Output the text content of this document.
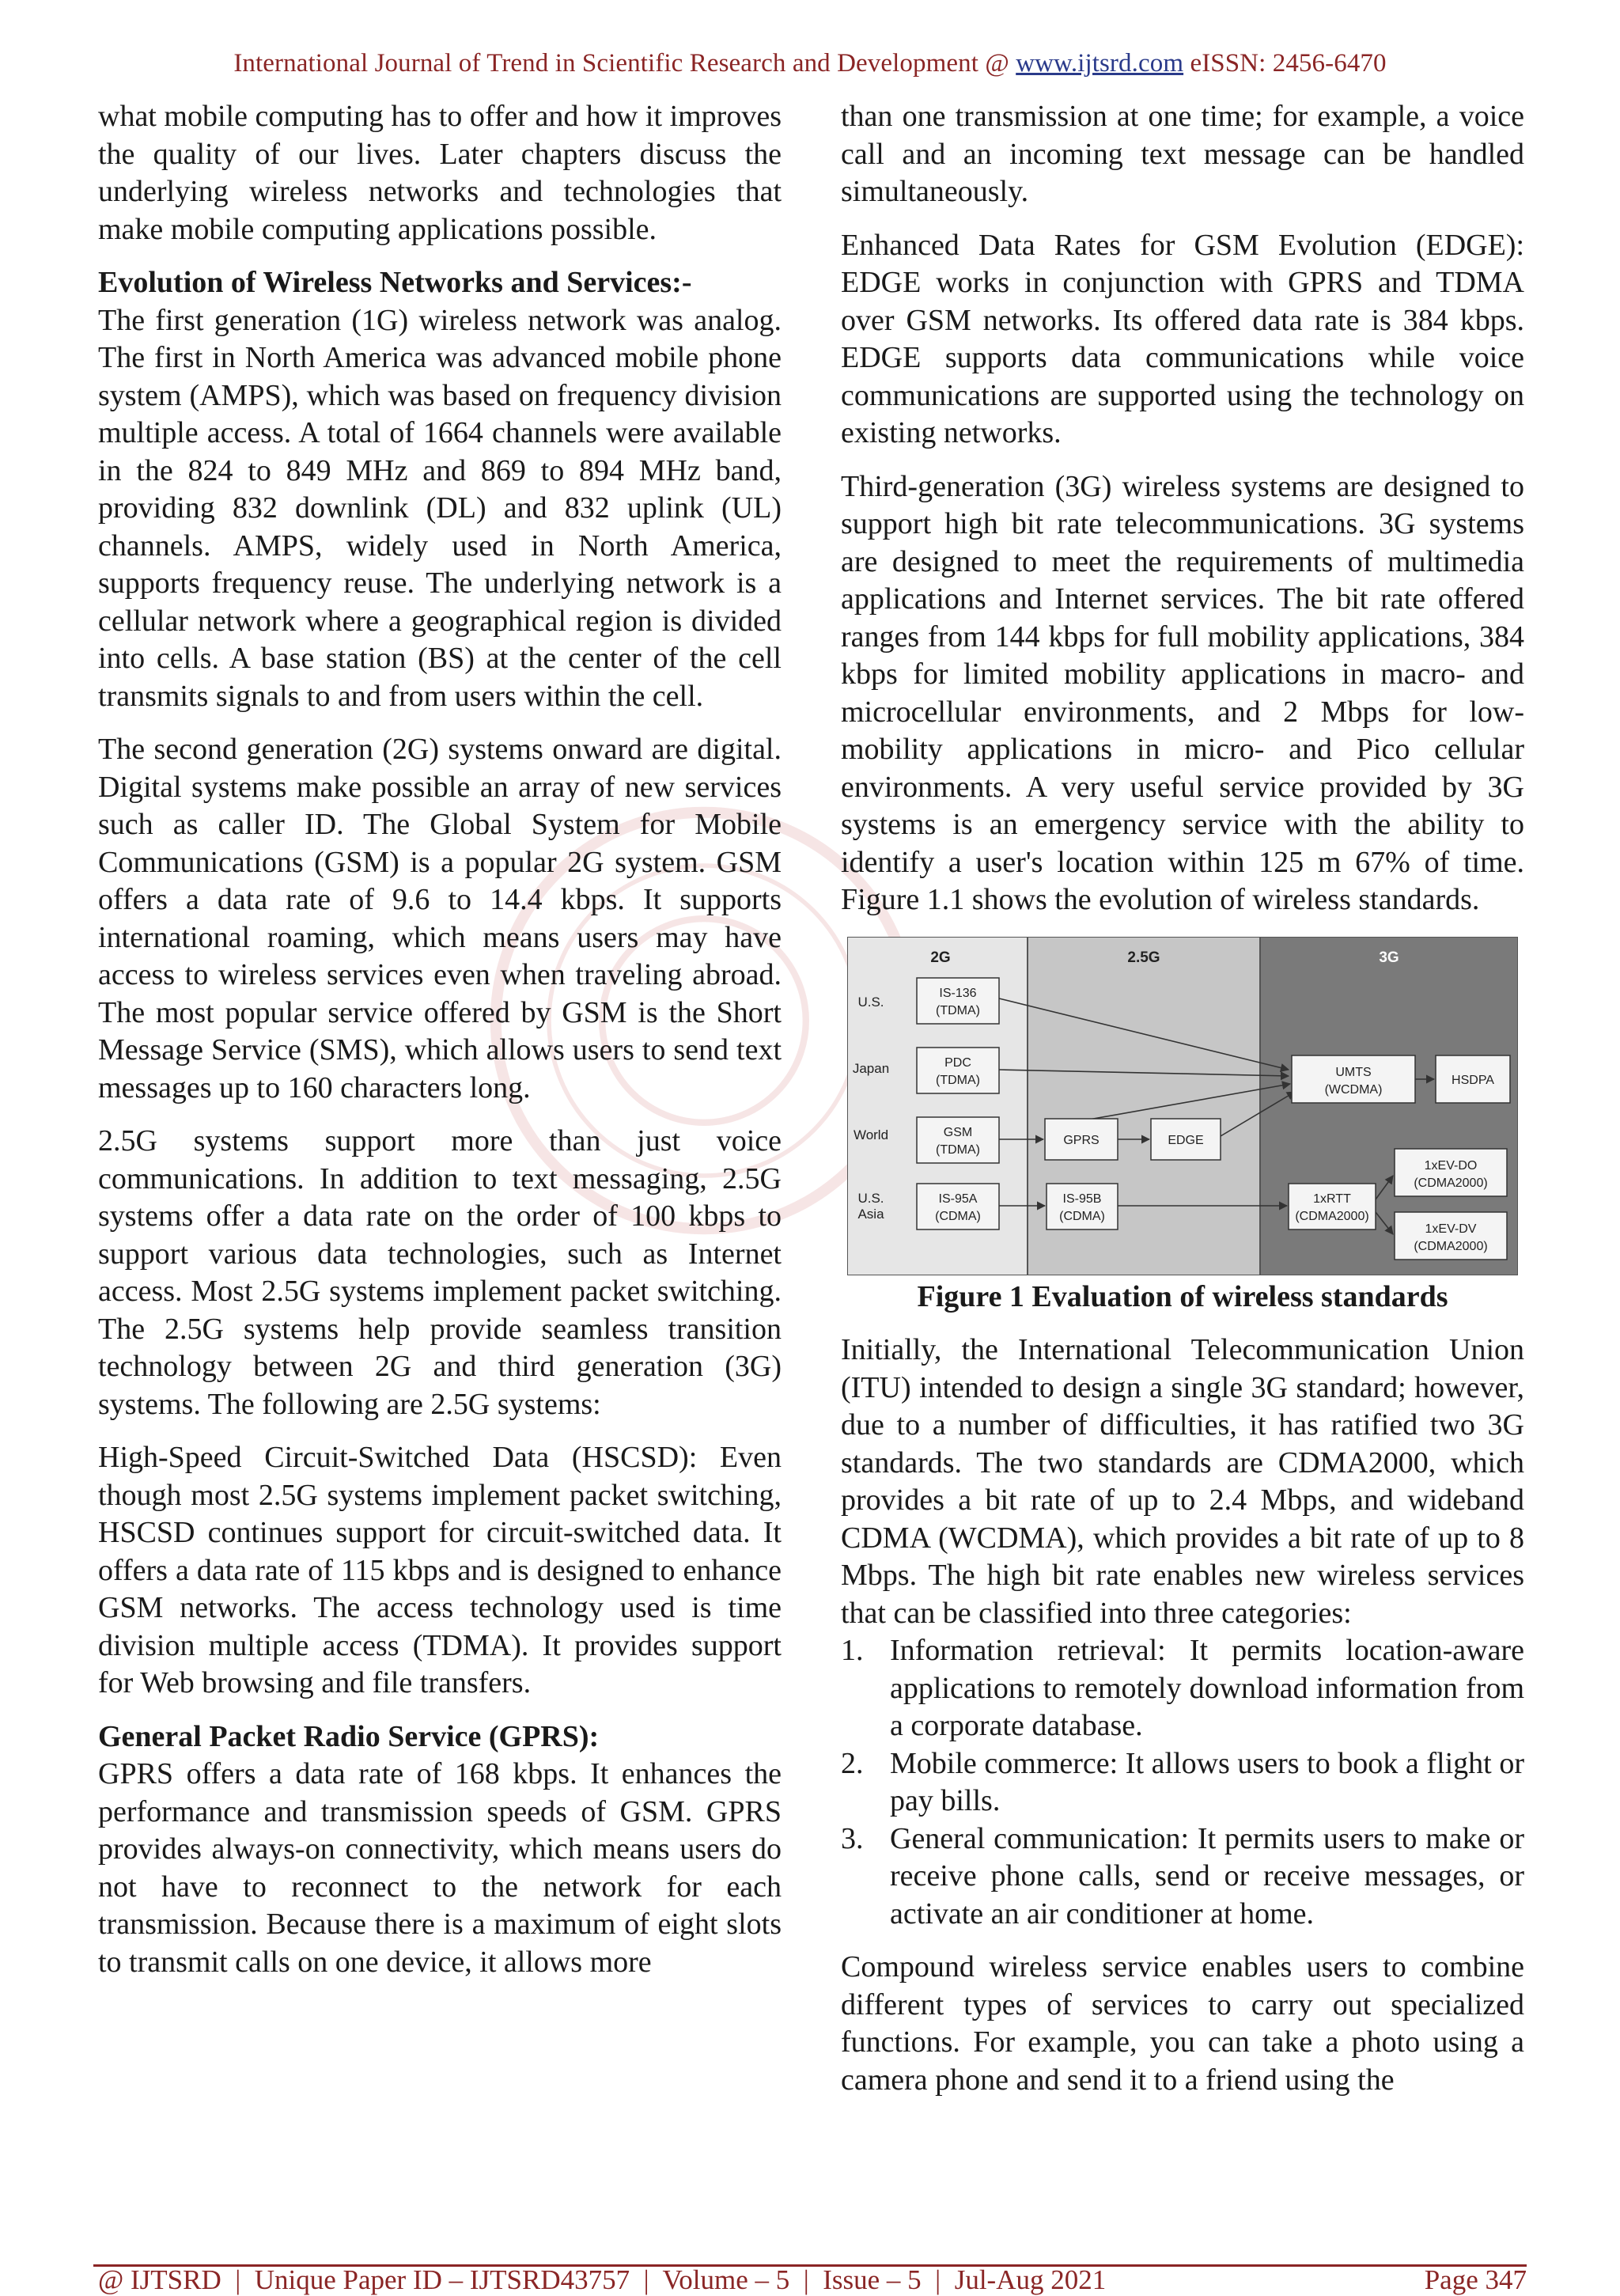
International Journal of Trend in Scientific Research and Development @ www.ijtsrd.com eISSN: 2456-6470

what mobile computing has to offer and how it improves the quality of our lives. Later chapters discuss the underlying wireless networks and technologies that make mobile computing applications possible.

Evolution of Wireless Networks and Services:-

The first generation (1G) wireless network was analog. The first in North America was advanced mobile phone system (AMPS), which was based on frequency division multiple access. A total of 1664 channels were available in the 824 to 849 MHz and 869 to 894 MHz band, providing 832 downlink (DL) and 832 uplink (UL) channels. AMPS, widely used in North America, supports frequency reuse. The underlying network is a cellular network where a geographical region is divided into cells. A base station (BS) at the center of the cell transmits signals to and from users within the cell.

The second generation (2G) systems onward are digital. Digital systems make possible an array of new services such as caller ID. The Global System for Mobile Communications (GSM) is a popular 2G system. GSM offers a data rate of 9.6 to 14.4 kbps. It supports international roaming, which means users may have access to wireless services even when traveling abroad. The most popular service offered by GSM is the Short Message Service (SMS), which allows users to send text messages up to 160 characters long.

2.5G systems support more than just voice communications. In addition to text messaging, 2.5G systems offer a data rate on the order of 100 kbps to support various data technologies, such as Internet access. Most 2.5G systems implement packet switching. The 2.5G systems help provide seamless transition technology between 2G and third generation (3G) systems. The following are 2.5G systems:

High-Speed Circuit-Switched Data (HSCSD): Even though most 2.5G systems implement packet switching, HSCSD continues support for circuit-switched data. It offers a data rate of 115 kbps and is designed to enhance GSM networks. The access technology used is time division multiple access (TDMA). It provides support for Web browsing and file transfers.

General Packet Radio Service (GPRS):

GPRS offers a data rate of 168 kbps. It enhances the performance and transmission speeds of GSM. GPRS provides always-on connectivity, which means users do not have to reconnect to the network for each transmission. Because there is a maximum of eight slots to transmit calls on one device, it allows more

than one transmission at one time; for example, a voice call and an incoming text message can be handled simultaneously.

Enhanced Data Rates for GSM Evolution (EDGE): EDGE works in conjunction with GPRS and TDMA over GSM networks. Its offered data rate is 384 kbps. EDGE supports data communications while voice communications are supported using the technology on existing networks.

Third-generation (3G) wireless systems are designed to support high bit rate telecommunications. 3G systems are designed to meet the requirements of multimedia applications and Internet services. The bit rate offered ranges from 144 kbps for full mobility applications, 384 kbps for limited mobility applications in macro- and microcellular environments, and 2 Mbps for low-mobility applications in micro- and Pico cellular environments. A very useful service provided by 3G systems is an emergency service with the ability to identify a user's location within 125 m 67% of time. Figure 1.1 shows the evolution of wireless standards.

2G	2.5G	3G
U.S.
Japan
World
U.S.
Asia
IS-136
(TDMA)
PDC
(TDMA)
GSM
(TDMA)
IS-95A
(CDMA)
GPRS	EDGE
IS-95B
(CDMA)
UMTS
(WCDMA)
HSDPA
1xRTT
(CDMA2000)
1xEV-DO
(CDMA2000)
1xEV-DV
(CDMA2000)
Figure 1 Evaluation of wireless standards

Initially, the International Telecommunication Union (ITU) intended to design a single 3G standard; however, due to a number of difficulties, it has ratified two 3G standards. The two standards are CDMA2000, which provides a bit rate of up to 2.4 Mbps, and wideband CDMA (WCDMA), which provides a bit rate of up to 8 Mbps. The high bit rate enables new wireless services that can be classified into three categories:

1. Information retrieval: It permits location-aware applications to remotely download information from a corporate database.
2. Mobile commerce: It allows users to book a flight or pay bills.
3. General communication: It permits users to make or receive phone calls, send or receive messages, or activate an air conditioner at home.

Compound wireless service enables users to combine different types of services to carry out specialized functions. For example, you can take a photo using a camera phone and send it to a friend using the

@ IJTSRD  |  Unique Paper ID – IJTSRD43757  |  Volume – 5  |  Issue – 5  |  Jul-Aug 2021	Page 347
